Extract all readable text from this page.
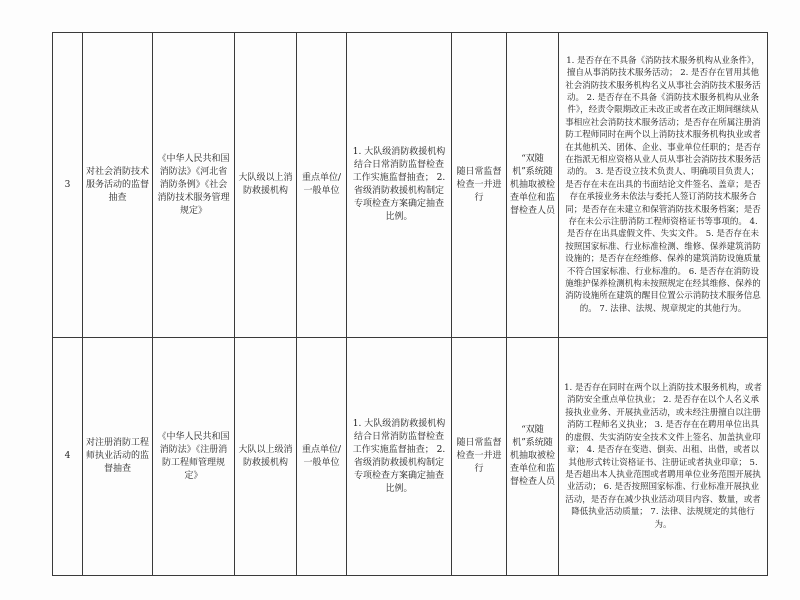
3	对社会消防技术服务活动的监督抽查	《中华人民共和国消防法》《河北省消防条例》《社会消防技术服务管理规定》	大队级以上消防救援机构	重点单位/一般单位	1. 大队级消防救援机构结合日常消防监督检查工作实施监督抽查； 2. 省级消防救援机构制定专项检查方案确定抽查比例。	随日常监督检查一并进行	“双随机”系统随机抽取被检查单位和监督检查人员	1. 是否存在不具备《消防技术服务机构从业条件》，擅自从事消防技术服务活动； 2. 是否存在冒用其他社会消防技术服务机构名义从事社会消防技术服务活动。 2. 是否存在不具备《消防技术服务机构从业条件》，经责令限期改正未改正或者在改正期间继续从事相应社会消防技术服务活动；是否存在所属注册消防工程师同时在两个以上消防技术服务机构执业或者在其他机关、团体、企业、事业单位任职的；是否存在指派无相应资格从业人员从事社会消防技术服务活动的。 3. 是否设立技术负责人、明确项目负责人；是否存在未在出具的书面结论文件签名、盖章；是否存在承接业务未依法与委托人签订消防技术服务合同；是否存在未建立和保管消防技术服务档案；是否存在未公示注册消防工程师资格证书等事项的。 4. 是否存在出具虚假文件、失实文件。 5. 是否存在未按照国家标准、行业标准检测、维修、保养建筑消防设施的；是否存在经维修、保养的建筑消防设施质量不符合国家标准、行业标准的。 6. 是否存在消防设施维护保养检测机构未按照规定在经其维修、保养的消防设施所在建筑的醒目位置公示消防技术服务信息的。 7. 法律、法规、规章规定的其他行为。
4	对注册消防工程师执业活动的监督抽查	《中华人民共和国消防法》《注册消防工程师管理规定》	大队以上级消防救援机构	重点单位/一般单位	1. 大队级消防救援机构结合日常消防监督检查工作实施监督抽查； 2. 省级消防救援机构制定专项检查方案确定抽查比例。	随日常监督检查一并进行	“双随机”系统随机抽取被检查单位和监督检查人员	1. 是否存在同时在两个以上消防技术服务机构，或者消防安全重点单位执业； 2. 是否存在以个人名义承接执业业务、开展执业活动，或未经注册擅自以注册消防工程师名义执业； 3. 是否存在在聘用单位出具的虚假、失实消防安全技术文件上签名、加盖执业印章； 4. 是否存在变造、倒卖、出租、出借，或者以其他形式转让资格证书、注册证或者执业印章； 5. 是否超出本人执业范围或者聘用单位业务范围开展执业活动； 6. 是否按照国家标准、行业标准开展执业活动，是否存在减少执业活动项目内容、数量，或者降低执业活动质量； 7. 法律、法规规定的其他行为。
